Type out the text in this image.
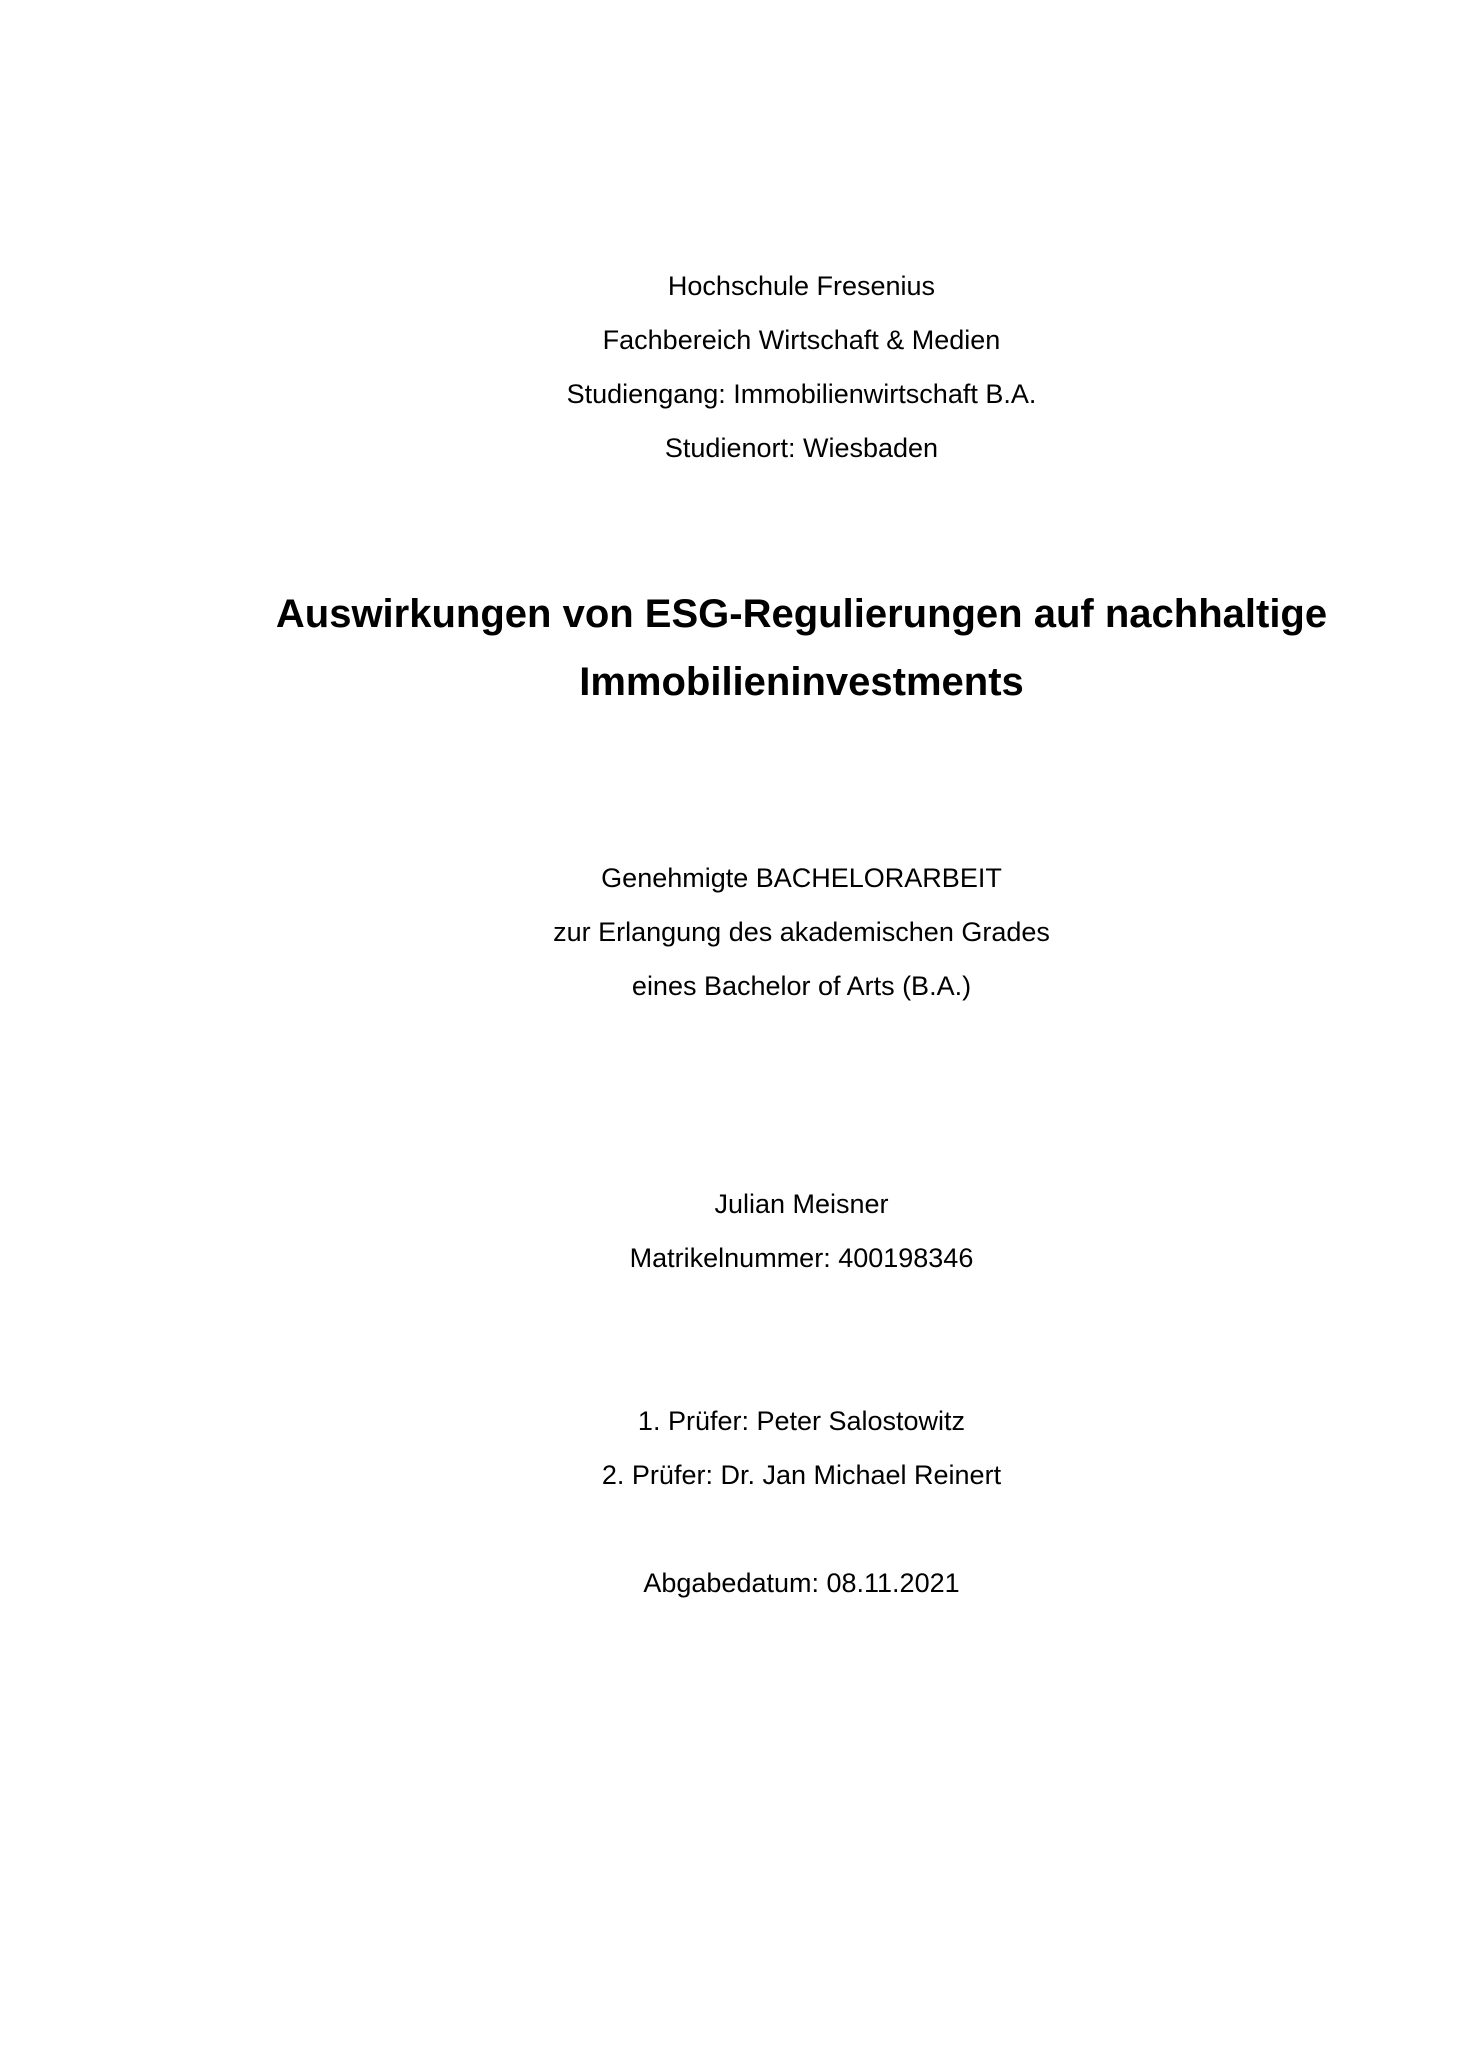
Hochschule Fresenius
Fachbereich Wirtschaft & Medien
Studiengang: Immobilienwirtschaft B.A.
Studienort: Wiesbaden
Auswirkungen von ESG-Regulierungen auf nachhaltige
Immobilieninvestments
Genehmigte BACHELORARBEIT
zur Erlangung des akademischen Grades
eines Bachelor of Arts (B.A.)
Julian Meisner
Matrikelnummer: 400198346
1. Prüfer: Peter Salostowitz
2. Prüfer: Dr. Jan Michael Reinert
Abgabedatum: 08.11.2021
